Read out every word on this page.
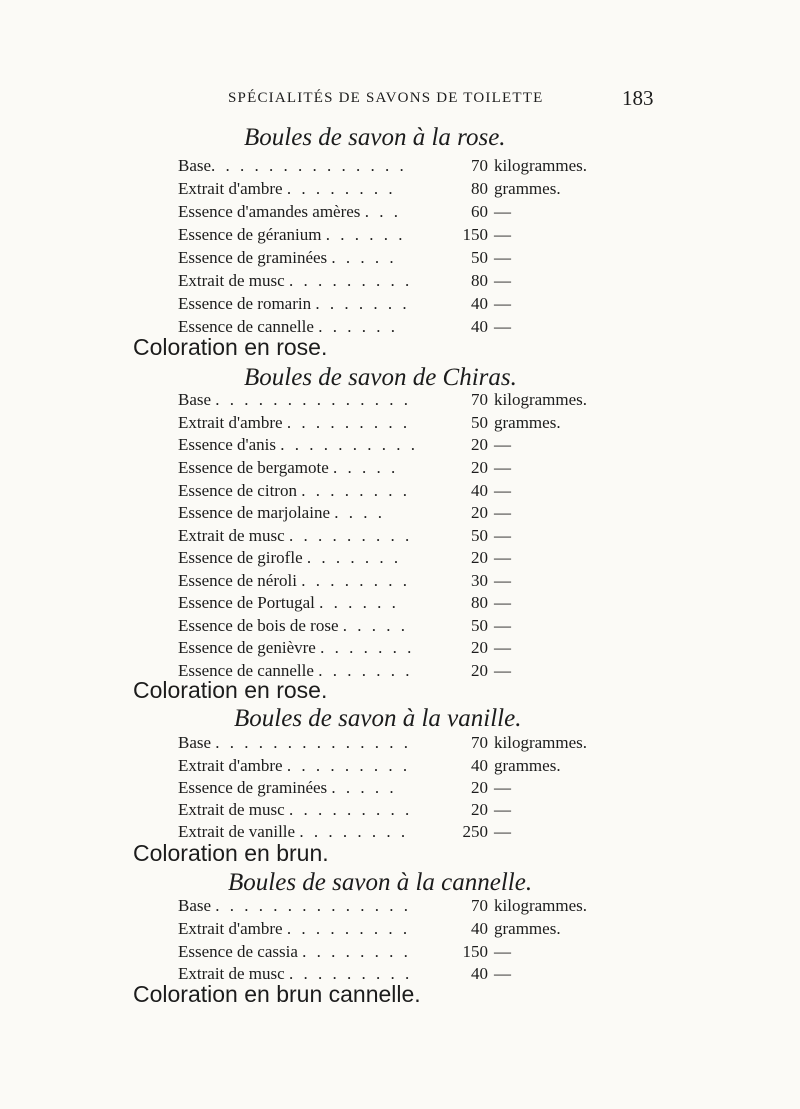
SPÉCIALITÉS DE SAVONS DE TOILETTE	183
Boules de savon à la rose.
Base. . . . . . . . . . . . . .	70 kilogrammes.
Extrait d'ambre . . . . . . . .	80 grammes.
Essence d'amandes amères . . .	60 —
Essence de géranium . . . . . .	150 —
Essence de graminées . . . . .	50 —
Extrait de musc . . . . . . . . .	80 —
Essence de romarin . . . . . . .	40 —
Essence de cannelle . . . . . .	40 —
Coloration en rose.
Boules de savon de Chiras.
Base . . . . . . . . . . . . . .	70 kilogrammes.
Extrait d'ambre . . . . . . . . .	50 grammes.
Essence d'anis . . . . . . . . . .	20 —
Essence de bergamote . . . . .	20 —
Essence de citron . . . . . . . .	40 —
Essence de marjolaine . . . .	20 —
Extrait de musc . . . . . . . . .	50 —
Essence de girofle . . . . . . .	20 —
Essence de néroli . . . . . . . .	30 —
Essence de Portugal . . . . . .	80 —
Essence de bois de rose . . . . .	50 —
Essence de genièvre . . . . . . .	20 —
Essence de cannelle . . . . . . .	20 —
Coloration en rose.
Boules de savon à la vanille.
Base . . . . . . . . . . . . . .	70 kilogrammes.
Extrait d'ambre . . . . . . . . .	40 grammes.
Essence de graminées . . . . .	20 —
Extrait de musc . . . . . . . . .	20 —
Extrait de vanille . . . . . . . .	250 —
Coloration en brun.
Boules de savon à la cannelle.
Base . . . . . . . . . . . . . .	70 kilogrammes.
Extrait d'ambre . . . . . . . . .	40 grammes.
Essence de cassia . . . . . . . .	150 —
Extrait de musc . . . . . . . . .	40 —
Coloration en brun cannelle.
